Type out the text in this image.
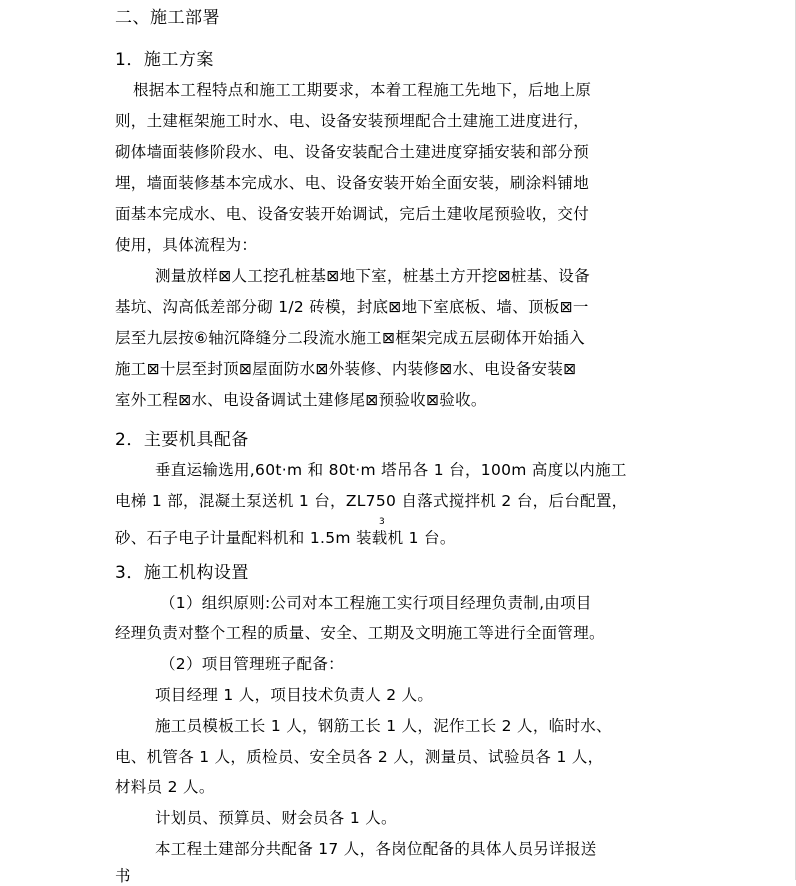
二、施工部署
1．施工方案
根据本工程特点和施工工期要求，本着工程施工先地下，后地上原
则，土建框架施工时水、电、设备安装预埋配合土建施工进度进行，
砌体墙面装修阶段水、电、设备安装配合土建进度穿插安装和部分预
埋，墙面装修基本完成水、电、设备安装开始全面安装，刷涂料铺地
面基本完成水、电、设备安装开始调试，完后土建收尾预验收，交付
使用，具体流程为：
测量放样⊠人工挖孔桩基⊠地下室，桩基土方开挖⊠桩基、设备
基坑、沟高低差部分砌 1/2 砖模，封底⊠地下室底板、墙、顶板⊠一
层至九层按⑥轴沉降缝分二段流水施工⊠框架完成五层砌体开始插入
施工⊠十层至封顶⊠屋面防水⊠外装修、内装修⊠水、电设备安装⊠
室外工程⊠水、电设备调试土建修尾⊠预验收⊠验收。
2．主要机具配备
垂直运输选用,60t·m 和 80t·m 塔吊各 1 台，100m 高度以内施工
电梯 1 部，混凝土泵送机 1 台，ZL750 自落式搅拌机 2 台，后台配置，
砂、石子电子计量配料机和 1.5m 装载机 1 台。
3
3．施工机构设置
（1）组织原则:公司对本工程施工实行项目经理负责制,由项目
经理负责对整个工程的质量、安全、工期及文明施工等进行全面管理。
（2）项目管理班子配备：
项目经理 1 人，项目技术负责人 2 人。
施工员模板工长 1 人，钢筋工长 1 人，泥作工长 2 人，临时水、
电、机管各 1 人，质检员、安全员各 2 人，测量员、试验员各 1 人，
材料员 2 人。
计划员、预算员、财会员各 1 人。
本工程土建部分共配备 17 人，各岗位配备的具体人员另详报送
书
